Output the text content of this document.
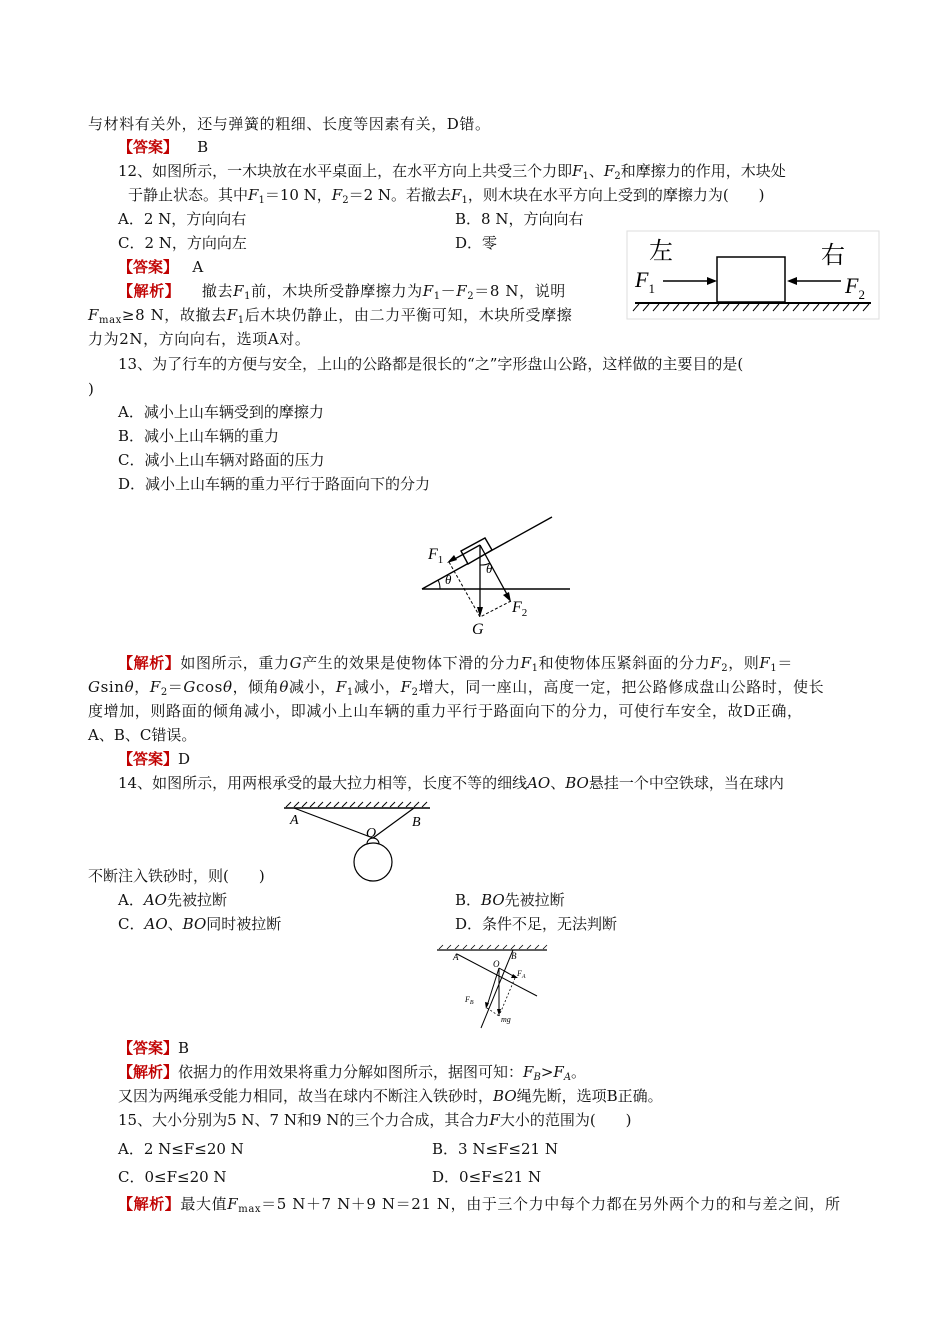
与材料有关外，还与弹簧的粗细、长度等因素有关，D错。
【答案】 B
12、如图所示，一木块放在水平桌面上，在水平方向上共受三个力即$F_1$、$F_2$和摩擦力的作用，木块处
于静止状态。其中$F_1=10$ N，$F_2=2$ N。若撤去$F_1$，则木块在水平方向上受到的摩擦力为(　　)
A．2 N，方向向右	B．8 N，方向向右
C．2 N，方向向左	D．零
【答案】 A
【解析】 撤去$F_1$前，木块所受静摩擦力为$F_1-F_2=8$ N，说明
$F_{max}\ge 8$ N，故撤去$F_1$后木块仍静止，由二力平衡可知，木块所受摩擦
力为2N，方向向右，选项A对。
左	右
$F_1$	$F_2$
13、为了行车的方便与安全，上山的公路都是很长的“之”字形盘山公路，这样做的主要目的是(
)
A．减小上山车辆受到的摩擦力
B．减小上山车辆的重力
C．减小上山车辆对路面的压力
D．减小上山车辆的重力平行于路面向下的分力
$F_1$
θ
θ
$F_2$
G
【解析】如图所示，重力G产生的效果是使物体下滑的分力$F_1$和使物体压紧斜面的分力$F_2$，则$F_1=$
Gsinθ，$F_2=Gcos\theta$，倾角θ减小，$F_1$减小，$F_2$增大，同一座山，高度一定，把公路修成盘山公路时，使长
度增加，则路面的倾角减小，即减小上山车辆的重力平行于路面向下的分力，可使行车安全，故D正确，
A、B、C错误。
【答案】D
14、如图所示，用两根承受的最大拉力相等，长度不等的细线AO、BO悬挂一个中空铁球，当在球内
A	B
O
不断注入铁砂时，则(　　)
A．AO先被拉断	B．BO先被拉断
C．AO、BO同时被拉断	D．条件不足，无法判断
A
O
B
$F_A$
$F_B$
mg
【答案】B
【解析】依据力的作用效果将重力分解如图所示，据图可知：$F_B>F_A$。
又因为两绳承受能力相同，故当在球内不断注入铁砂时，BO绳先断，选项B正确。
15、大小分别为5 N、7 N和9 N的三个力合成，其合力F大小的范围为(　　)
A．2 N≤F≤20 N	B．3 N≤F≤21 N
C．0≤F≤20 N	D．0≤F≤21 N
【解析】最大值$F_{max}=5$ N＋7 N＋9 N＝21 N，由于三个力中每个力都在另外两个力的和与差之间，所
